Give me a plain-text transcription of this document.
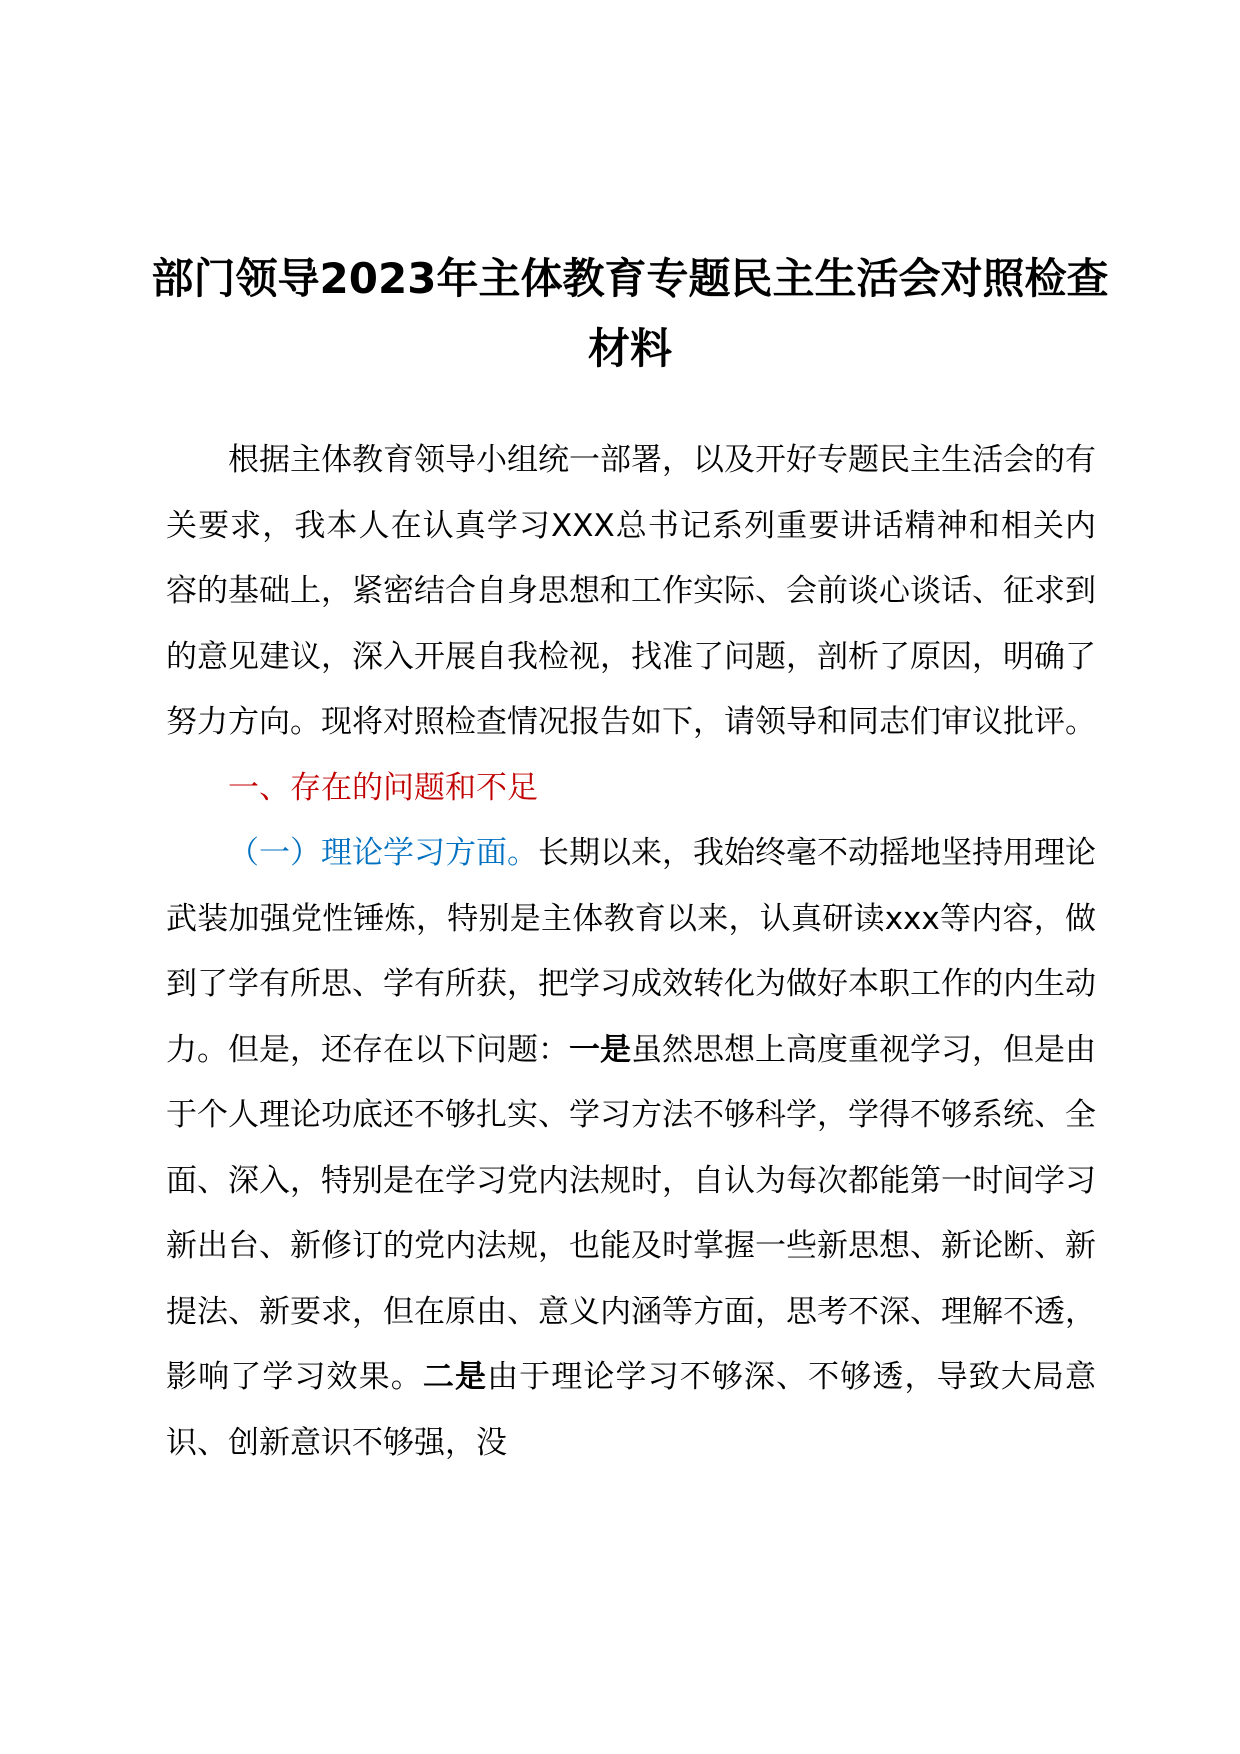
部门领导2023年主体教育专题民主生活会对照检查材料

根据主体教育领导小组统一部署，以及开好专题民主生活会的有关要求，我本人在认真学习XXX总书记系列重要讲话精神和相关内容的基础上，紧密结合自身思想和工作实际、会前谈心谈话、征求到的意见建议，深入开展自我检视，找准了问题，剖析了原因，明确了努力方向。现将对照检查情况报告如下，请领导和同志们审议批评。

一、存在的问题和不足

（一）理论学习方面。长期以来，我始终毫不动摇地坚持用理论武装加强党性锤炼，特别是主体教育以来，认真研读xxx等内容，做到了学有所思、学有所获，把学习成效转化为做好本职工作的内生动力。但是，还存在以下问题：一是虽然思想上高度重视学习，但是由于个人理论功底还不够扎实、学习方法不够科学，学得不够系统、全面、深入，特别是在学习党内法规时，自认为每次都能第一时间学习新出台、新修订的党内法规，也能及时掌握一些新思想、新论断、新提法、新要求，但在原由、意义内涵等方面，思考不深、理解不透，影响了学习效果。二是由于理论学习不够深、不够透，导致大局意识、创新意识不够强，没
